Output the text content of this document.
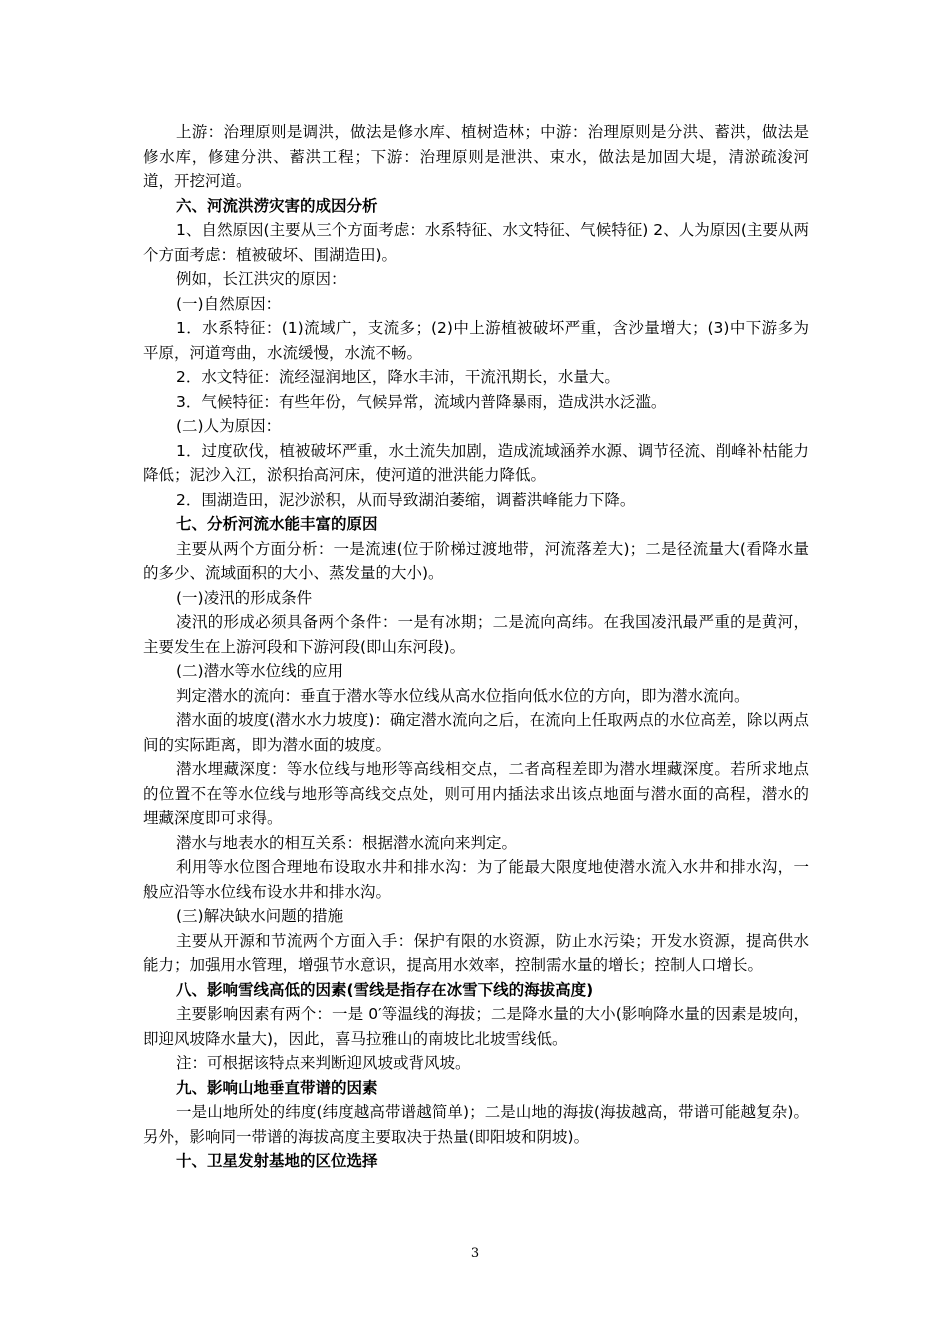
上游：治理原则是调洪，做法是修水库、植树造林；中游：治理原则是分洪、蓄洪，做法是修水库，修建分洪、蓄洪工程；下游：治理原则是泄洪、束水，做法是加固大堤，清淤疏浚河道，开挖河道。

六、河流洪涝灾害的成因分析

1、自然原因(主要从三个方面考虑：水系特征、水文特征、气候特征) 2、人为原因(主要从两个方面考虑：植被破坏、围湖造田)。

例如，长江洪灾的原因：

(一)自然原因：

1．水系特征：(1)流域广，支流多；(2)中上游植被破坏严重，含沙量增大；(3)中下游多为平原，河道弯曲，水流缓慢，水流不畅。

2．水文特征：流经湿润地区，降水丰沛，干流汛期长，水量大。

3．气候特征：有些年份，气候异常，流域内普降暴雨，造成洪水泛滥。

(二)人为原因：

1．过度砍伐，植被破坏严重，水土流失加剧，造成流域涵养水源、调节径流、削峰补枯能力降低；泥沙入江，淤积抬高河床，使河道的泄洪能力降低。

2．围湖造田，泥沙淤积，从而导致湖泊萎缩，调蓄洪峰能力下降。

七、分析河流水能丰富的原因

主要从两个方面分析：一是流速(位于阶梯过渡地带，河流落差大)；二是径流量大(看降水量的多少、流域面积的大小、蒸发量的大小)。

(一)凌汛的形成条件

凌汛的形成必须具备两个条件：一是有冰期；二是流向高纬。在我国凌汛最严重的是黄河，主要发生在上游河段和下游河段(即山东河段)。

(二)潜水等水位线的应用

判定潜水的流向：垂直于潜水等水位线从高水位指向低水位的方向，即为潜水流向。

潜水面的坡度(潜水水力坡度)：确定潜水流向之后，在流向上任取两点的水位高差，除以两点间的实际距离，即为潜水面的坡度。

潜水埋藏深度：等水位线与地形等高线相交点，二者高程差即为潜水埋藏深度。若所求地点的位置不在等水位线与地形等高线交点处，则可用内插法求出该点地面与潜水面的高程，潜水的埋藏深度即可求得。

潜水与地表水的相互关系：根据潜水流向来判定。

利用等水位图合理地布设取水井和排水沟：为了能最大限度地使潜水流入水井和排水沟，一般应沿等水位线布设水井和排水沟。

(三)解决缺水问题的措施

主要从开源和节流两个方面入手：保护有限的水资源，防止水污染；开发水资源，提高供水能力；加强用水管理，增强节水意识，提高用水效率，控制需水量的增长；控制人口增长。

八、影响雪线高低的因素(雪线是指存在冰雪下线的海拔高度)

主要影响因素有两个：一是 0′等温线的海拔；二是降水量的大小(影响降水量的因素是坡向，即迎风坡降水量大)，因此，喜马拉雅山的南坡比北坡雪线低。

注：可根据该特点来判断迎风坡或背风坡。

九、影响山地垂直带谱的因素

一是山地所处的纬度(纬度越高带谱越简单)；二是山地的海拔(海拔越高，带谱可能越复杂)。另外，影响同一带谱的海拔高度主要取决于热量(即阳坡和阴坡)。

十、卫星发射基地的区位选择

3
